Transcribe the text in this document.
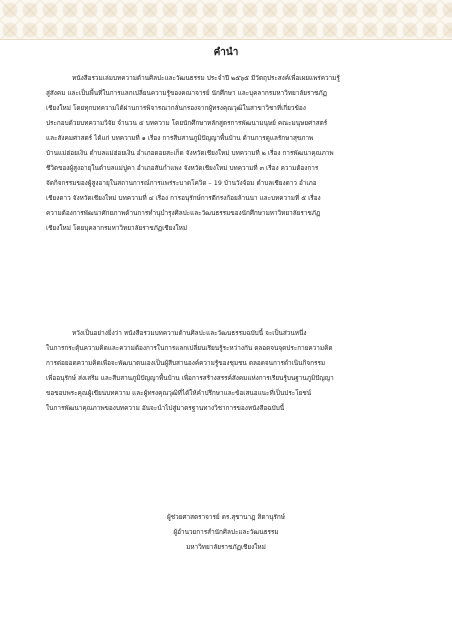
คำนำ

หนังสือรวมเล่มบทความด้านศิลปะและวัฒนธรรม ประจำปี ๒๕๖๕ มีวัตถุประสงค์เพื่อเผยแพร่ความรู้

สู่สังคม และเป็นพื้นที่ในการแลกเปลี่ยนความรู้ของคณาจารย์ นักศึกษา และบุคลากรมหาวิทยาลัยราชภัฏ

เชียงใหม่ โดยทุกบทความได้ผ่านการพิจารณากลั่นกรองจากผู้ทรงคุณวุฒิในสาขาวิชาที่เกี่ยวข้อง

ประกอบด้วยบทความวิจัย จำนวน ๕ บทความ โดยนักศึกษาหลักสูตรการพัฒนามนุษย์ คณะมนุษยศาสตร์

และสังคมศาสตร์ ได้แก่ บทความที่ ๑ เรื่อง การสืบสานภูมิปัญญาพื้นบ้าน ด้านการดูแลรักษาสุขภาพ

บ้านแม่ฮ่อยเงิน ตำบลแม่ฮ่อยเงิน อำเภอดอยสะเก็ด จังหวัดเชียงใหม่ บทความที่ ๒ เรื่อง การพัฒนาคุณภาพ

ชีวิตของผู้สูงอายุในตำบลแม่ปูคา อำเภอสันกำแพง จังหวัดเชียงใหม่ บทความที่ ๓ เรื่อง ความต้องการ

จัดกิจกรรมของผู้สูงอายุในสถานการณ์การแพร่ระบาดโควิด – 19 บ้านวังจ้อม ตำบลเชียงดาว อำเภอ

เชียงดาว จังหวัดเชียงใหม่ บทความที่ ๔ เรื่อง การอนุรักษ์การตีกรงก้อยล้านนา และบทความที่ ๕ เรื่อง

ความต้องการพัฒนาศักยภาพด้านการทำนุบำรุงศิลปะและวัฒนธรรมของนักศึกษามหาวิทยาลัยราชภัฏ

เชียงใหม่ โดยบุคลากรมหาวิทยาลัยราชภัฏเชียงใหม่

หวังเป็นอย่างยิ่งว่า หนังสือรวมบทความด้านศิลปะและวัฒนธรรมฉบับนี้ จะเป็นส่วนหนึ่ง

ในการกระตุ้นความคิดและความต้องการในการแลกเปลี่ยนเรียนรู้ระหว่างกัน ตลอดจนจุดประกายความคิด

การต่อยอดความคิดเพื่อจะพัฒนาตนเองเป็นผู้สืบสานองค์ความรู้ของชุมชน ตลอดจนการดำเนินกิจกรรม

เพื่ออนุรักษ์ ส่งเสริม และสืบสานภูมิปัญญาพื้นบ้าน เพื่อการสร้างสรรค์สังคมแห่งการเรียนรู้บนฐานภูมิปัญญา

ขอขอบพระคุณผู้เขียนบทความ และผู้ทรงคุณวุฒิที่ได้ให้คำปรึกษาและข้อเสนอแนะที่เป็นประโยชน์

ในการพัฒนาคุณภาพของบทความ อันจะนำไปสู่มาตรฐานทางวิชาการของหนังสือฉบับนี้

ผู้ช่วยศาสตราจารย์ ดร.สุชานาฏ สิตานุรักษ์
ผู้อำนวยการสำนักศิลปะและวัฒนธรรม
มหาวิทยาลัยราชภัฏเชียงใหม่
